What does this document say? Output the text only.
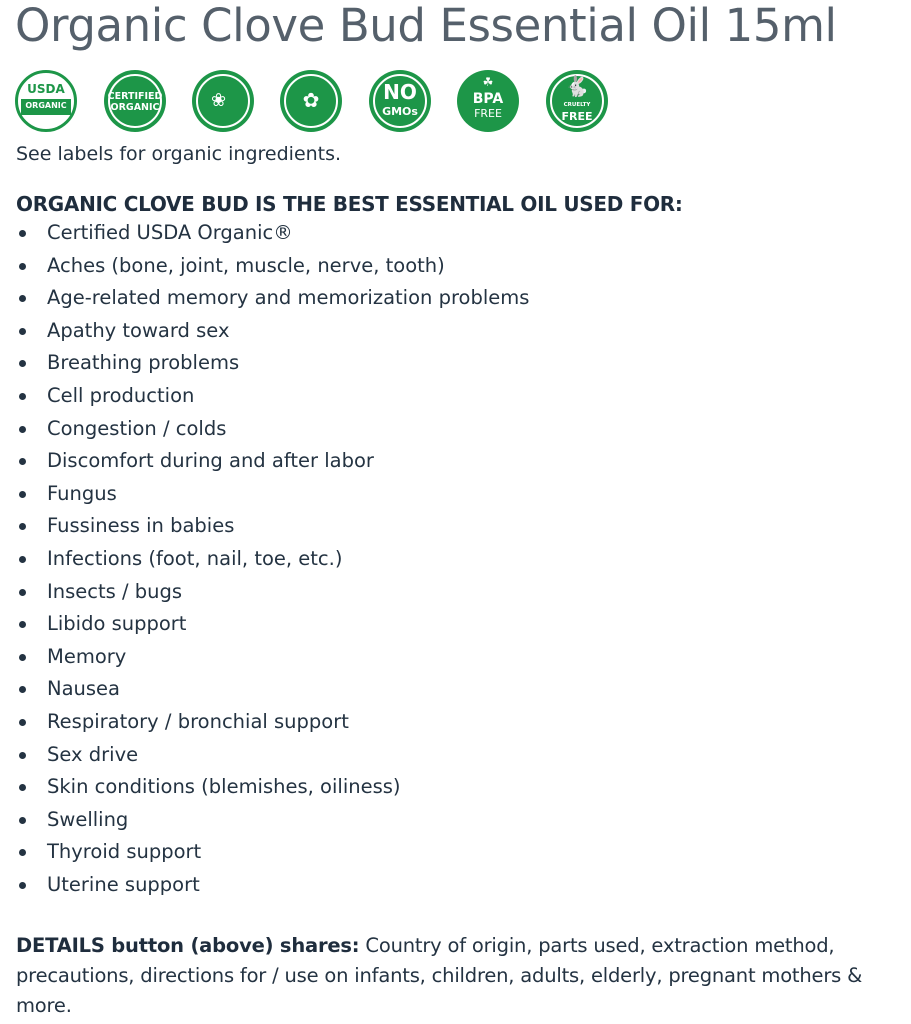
Organic Clove Bud Essential Oil 15ml
USDA
ORGANIC
CERTIFIED
ORGANIC	❀	✿	NO
GMOs
☘
BPA
FREE
🐇
CRUELTY
FREE

See labels for organic ingredients.

ORGANIC CLOVE BUD IS THE BEST ESSENTIAL OIL USED FOR:
Certified USDA Organic®
Aches (bone, joint, muscle, nerve, tooth)
Age-related memory and memorization problems
Apathy toward sex
Breathing problems
Cell production
Congestion / colds
Discomfort during and after labor
Fungus
Fussiness in babies
Infections (foot, nail, toe, etc.)
Insects / bugs
Libido support
Memory
Nausea
Respiratory / bronchial support
Sex drive
Skin conditions (blemishes, oiliness)
Swelling
Thyroid support
Uterine support

DETAILS button (above) shares: Country of origin, parts used, extraction method, precautions, directions for / use on infants, children, adults, elderly, pregnant mothers & more.
